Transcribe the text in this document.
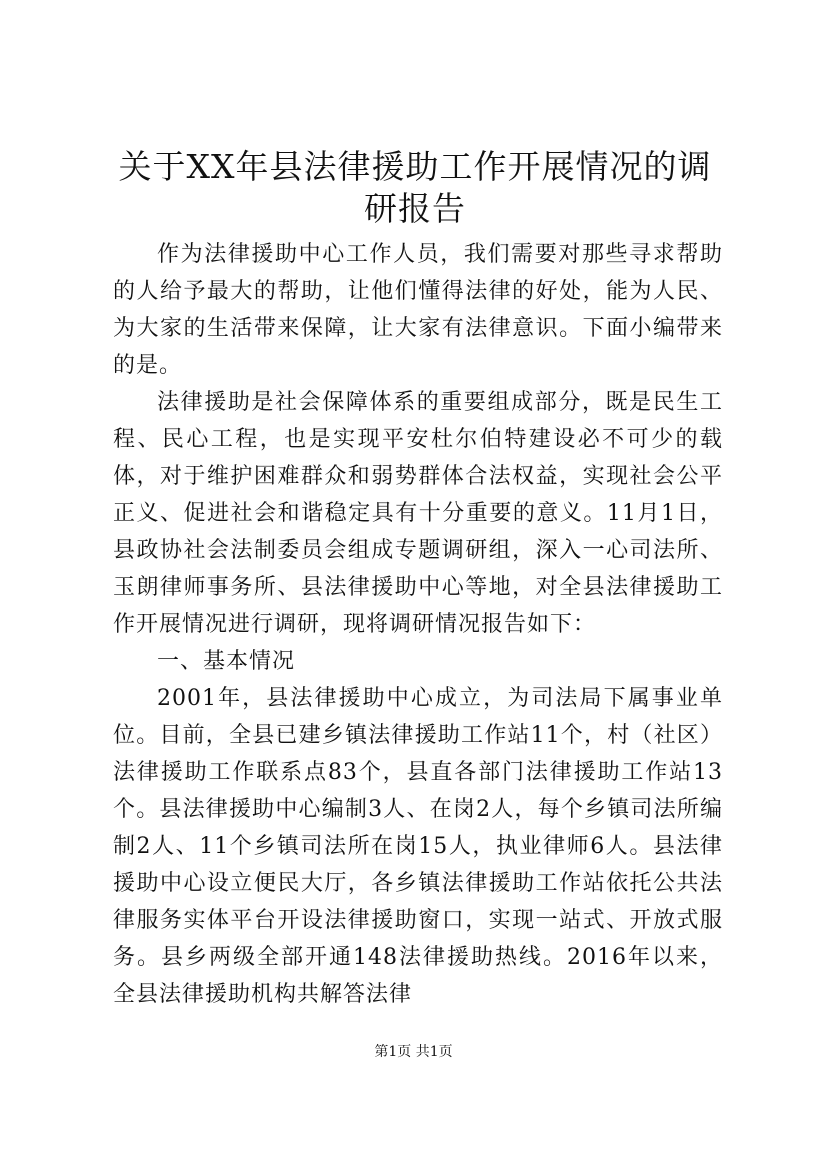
关于XX年县法律援助工作开展情况的调研报告

作为法律援助中心工作人员，我们需要对那些寻求帮助的人给予最大的帮助，让他们懂得法律的好处，能为人民、为大家的生活带来保障，让大家有法律意识。下面小编带来的是。

法律援助是社会保障体系的重要组成部分，既是民生工程、民心工程，也是实现平安杜尔伯特建设必不可少的载体，对于维护困难群众和弱势群体合法权益，实现社会公平正义、促进社会和谐稳定具有十分重要的意义。11月1日，县政协社会法制委员会组成专题调研组，深入一心司法所、玉朗律师事务所、县法律援助中心等地，对全县法律援助工作开展情况进行调研，现将调研情况报告如下：

一、基本情况

2001年，县法律援助中心成立，为司法局下属事业单位。目前，全县已建乡镇法律援助工作站11个，村（社区）法律援助工作联系点83个，县直各部门法律援助工作站13个。县法律援助中心编制3人、在岗2人，每个乡镇司法所编制2人、11个乡镇司法所在岗15人，执业律师6人。县法律援助中心设立便民大厅，各乡镇法律援助工作站依托公共法律服务实体平台开设法律援助窗口，实现一站式、开放式服务。县乡两级全部开通148法律援助热线。2016年以来，全县法律援助机构共解答法律

第1页 共1页
